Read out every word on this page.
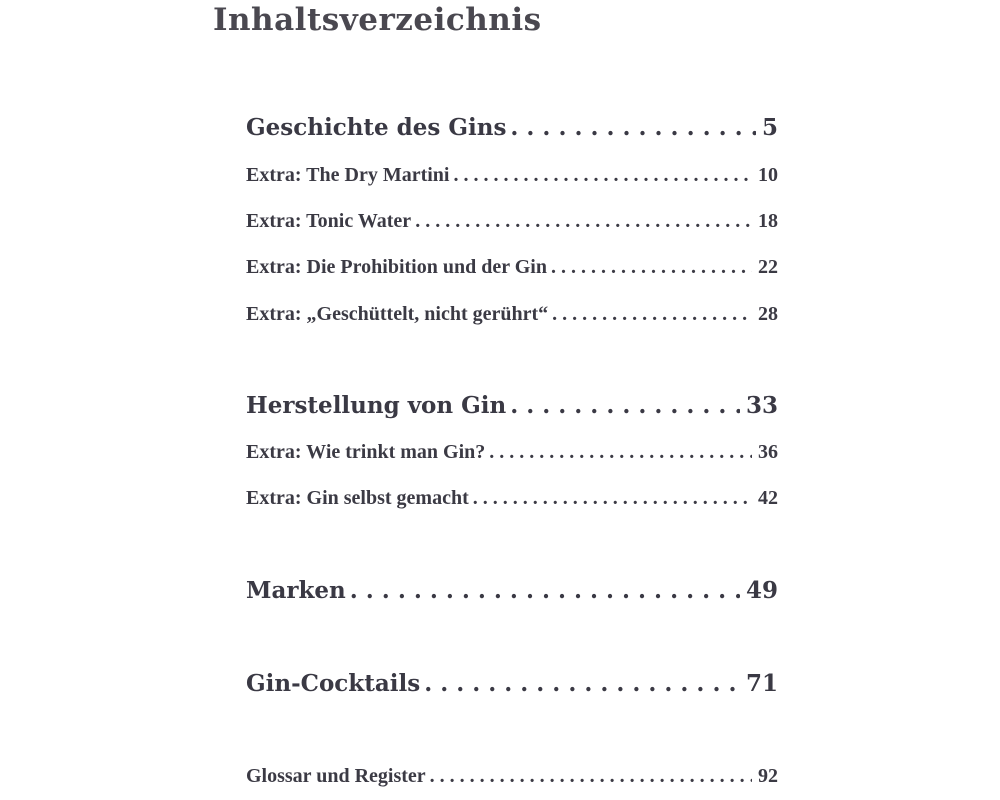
Inhaltsverzeichnis
Geschichte des Gins . . .	5
Extra: The Dry Martini . . .	10
Extra: Tonic Water . . .	18
Extra: Die Prohibition und der Gin . . .	22
Extra: „Geschüttelt, nicht gerührt“ . . .	28
Herstellung von Gin . . .	33
Extra: Wie trinkt man Gin? . . .	36
Extra: Gin selbst gemacht . . .	42
Marken . . .	49
Gin-Cocktails . . .	71
Glossar und Register . . .	92
